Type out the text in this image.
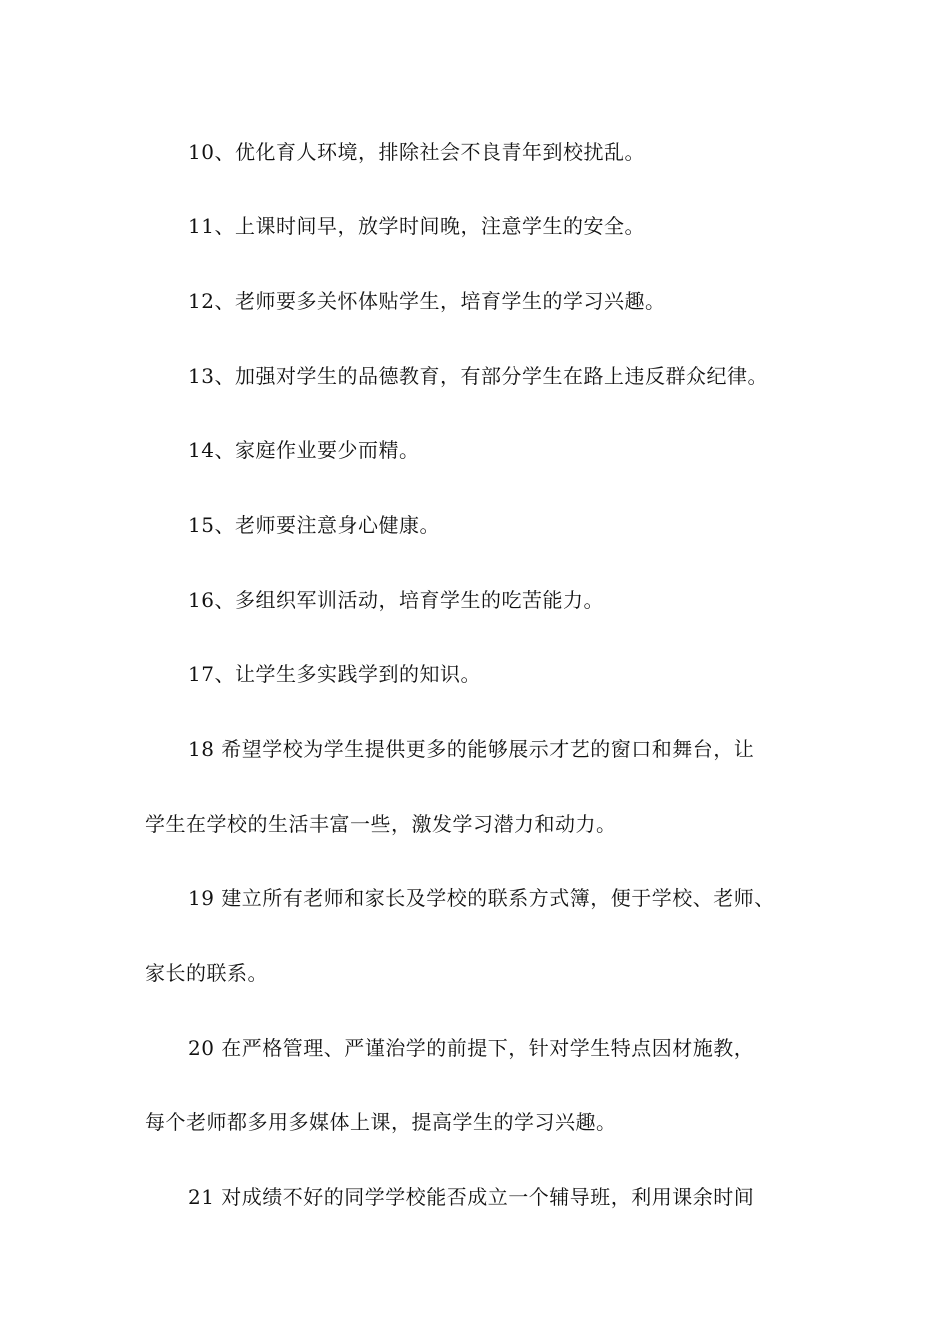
10、优化育人环境，排除社会不良青年到校扰乱。
11、上课时间早，放学时间晚，注意学生的安全。
12、老师要多关怀体贴学生，培育学生的学习兴趣。
13、加强对学生的品德教育，有部分学生在路上违反群众纪律。
14、家庭作业要少而精。
15、老师要注意身心健康。
16、多组织军训活动，培育学生的吃苦能力。
17、让学生多实践学到的知识。
18 希望学校为学生提供更多的能够展示才艺的窗口和舞台，让
学生在学校的生活丰富一些，激发学习潜力和动力。
19 建立所有老师和家长及学校的联系方式簿，便于学校、老师、
家长的联系。
20 在严格管理、严谨治学的前提下，针对学生特点因材施教，
每个老师都多用多媒体上课，提高学生的学习兴趣。
21 对成绩不好的同学学校能否成立一个辅导班，利用课余时间
